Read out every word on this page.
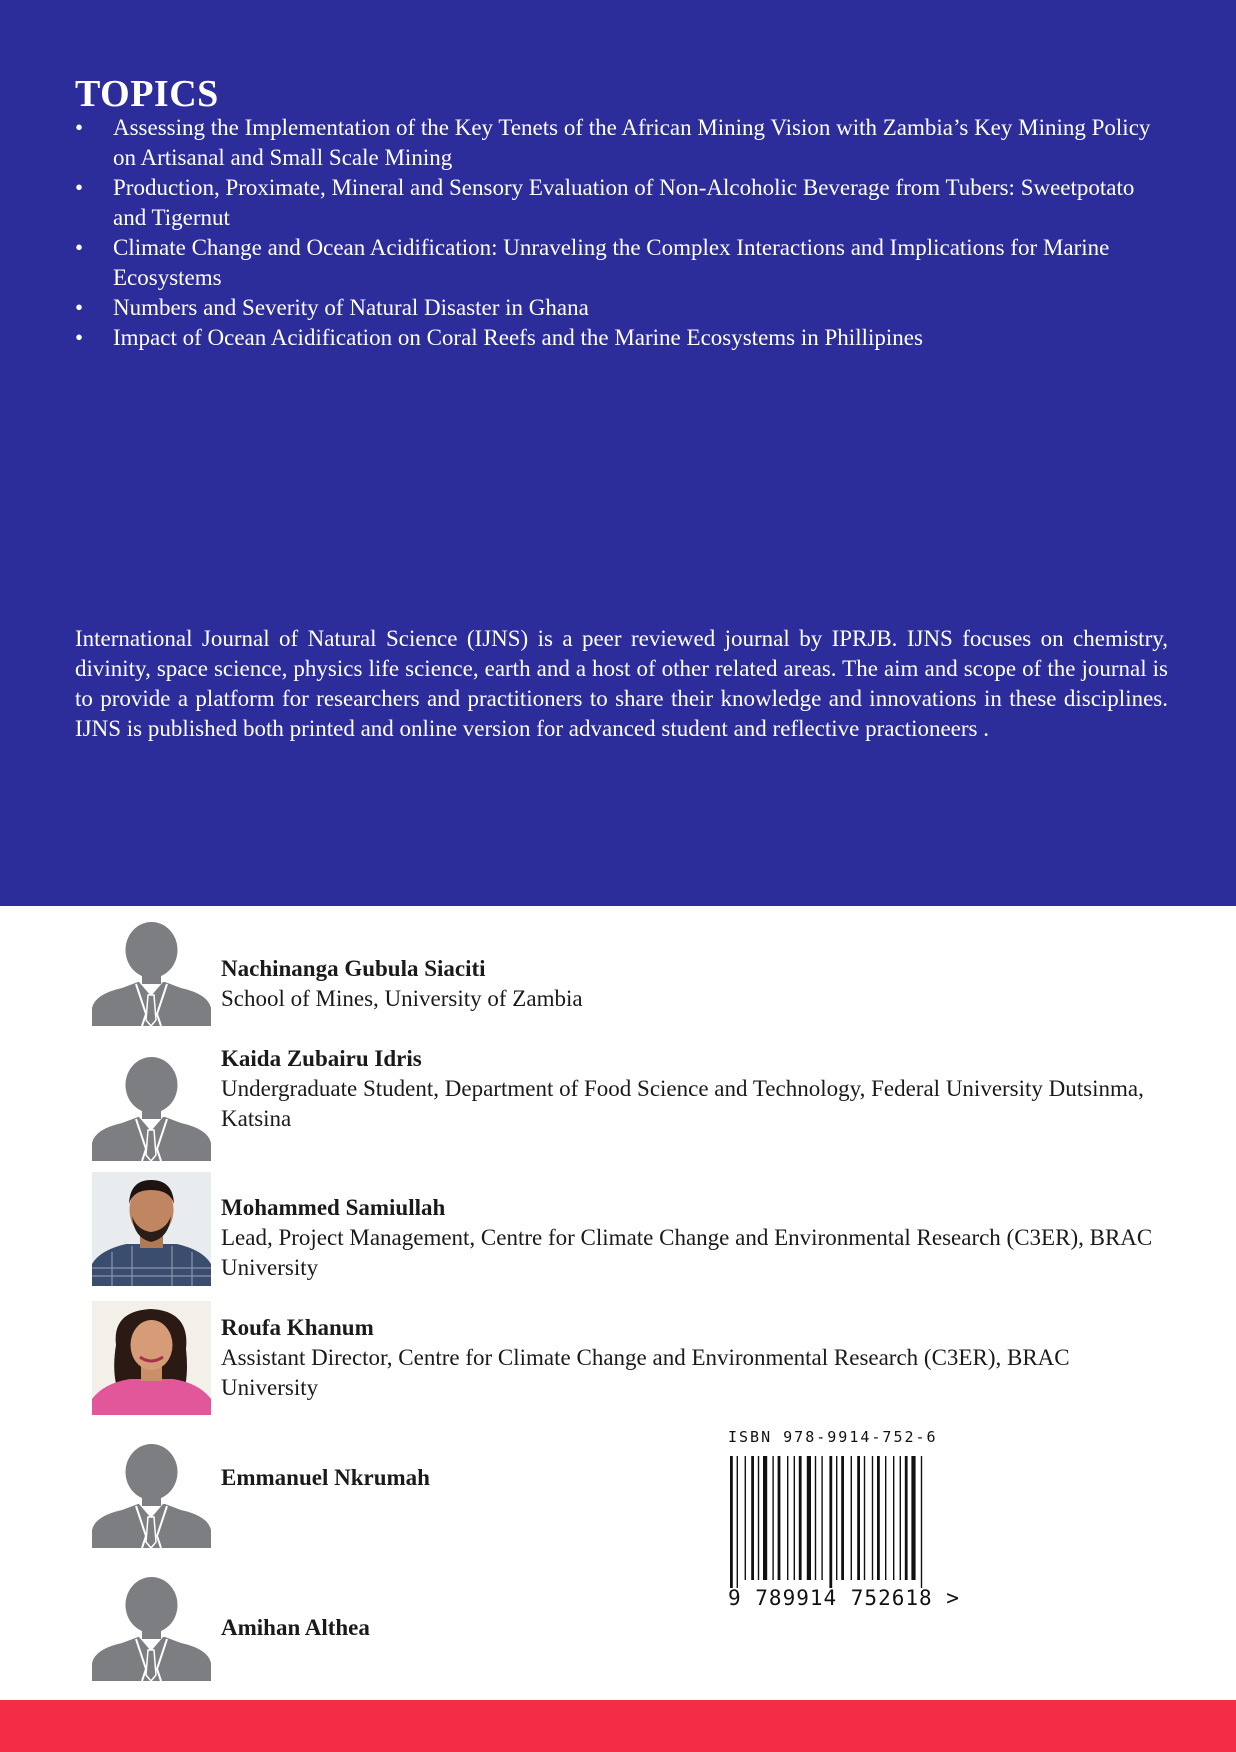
TOPICS
• Assessing the Implementation of the Key Tenets of the African Mining Vision with Zambia’s Key Mining Policy on Artisanal and Small Scale Mining
• Production, Proximate, Mineral and Sensory Evaluation of Non-Alcoholic Beverage from Tubers: Sweetpotato and Tigernut
• Climate Change and Ocean Acidification: Unraveling the Complex Interactions and Implications for Marine Ecosystems
• Numbers and Severity of Natural Disaster in Ghana
• Impact of Ocean Acidification on Coral Reefs and the Marine Ecosystems in Phillipines

International Journal of Natural Science (IJNS) is a peer reviewed journal by IPRJB. IJNS focuses on chemistry, divinity, space science, physics life science, earth and a host of other related areas. The aim and scope of the journal is to provide a platform for researchers and practitioners to share their knowledge and innovations in these disciplines. IJNS is published both printed and online version for advanced student and reflective practioneers .

Nachinanga Gubula Siaciti

School of Mines, University of Zambia

Kaida Zubairu Idris

Undergraduate Student, Department of Food Science and Technology, Federal University Dutsinma, Katsina

Mohammed Samiullah

Lead, Project Management, Centre for Climate Change and Environmental Research (C3ER), BRAC University

Roufa Khanum

Assistant Director, Centre for Climate Change and Environmental Research (C3ER), BRAC University

Emmanuel Nkrumah

Amihan Althea

ISBN 978-9914-752-6
9 789914 752618 >
